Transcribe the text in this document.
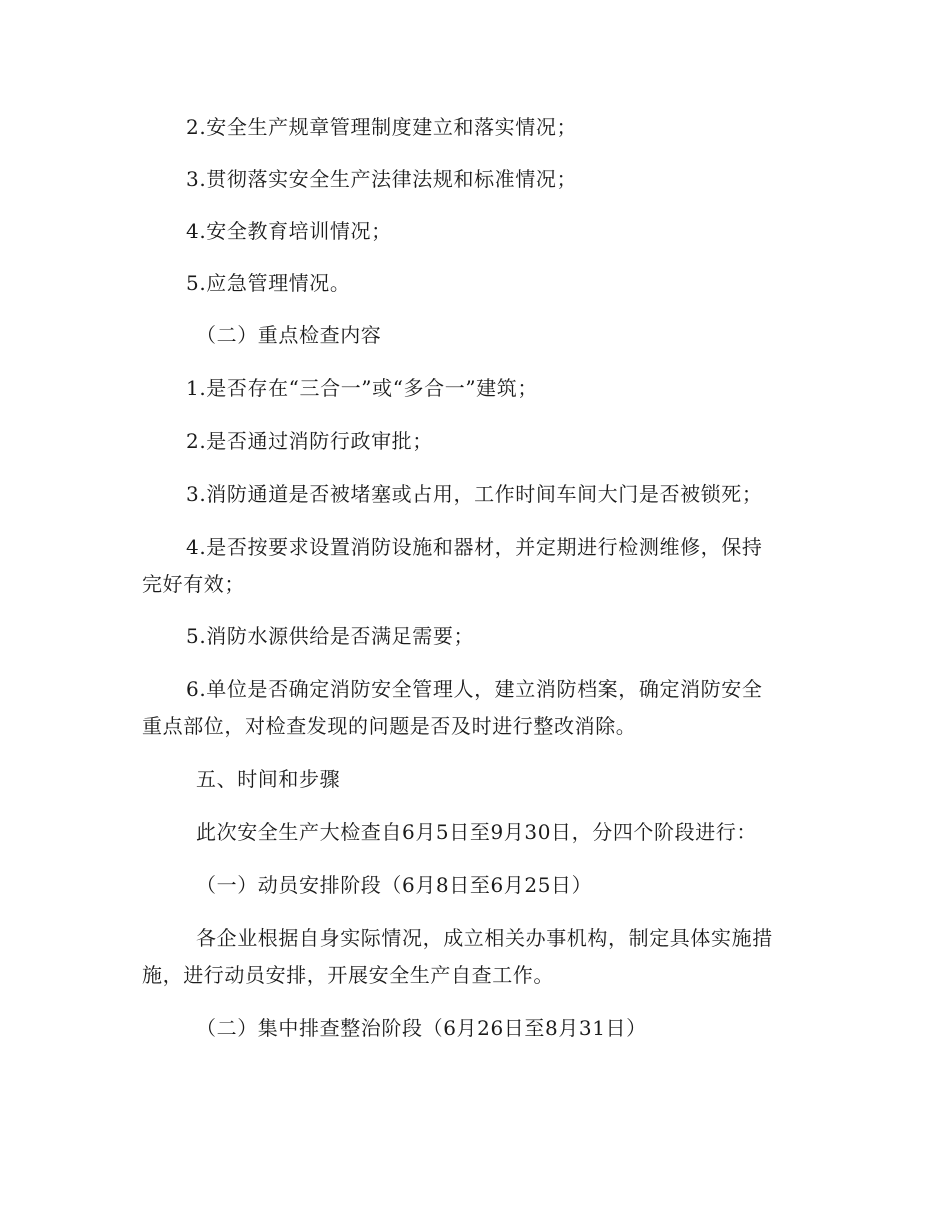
2.安全生产规章管理制度建立和落实情况；
3.贯彻落实安全生产法律法规和标准情况；
4.安全教育培训情况；
5.应急管理情况。
（二）重点检查内容
1.是否存在“三合一”或“多合一”建筑；
2.是否通过消防行政审批；
3.消防通道是否被堵塞或占用，工作时间车间大门是否被锁死；
4.是否按要求设置消防设施和器材，并定期进行检测维修，保持
完好有效；
5.消防水源供给是否满足需要；
6.单位是否确定消防安全管理人，建立消防档案，确定消防安全
重点部位，对检查发现的问题是否及时进行整改消除。
五、时间和步骤
此次安全生产大检查自6月5日至9月30日，分四个阶段进行：
（一）动员安排阶段（6月8日至6月25日）
各企业根据自身实际情况，成立相关办事机构，制定具体实施措
施，进行动员安排，开展安全生产自查工作。
（二）集中排查整治阶段（6月26日至8月31日）
